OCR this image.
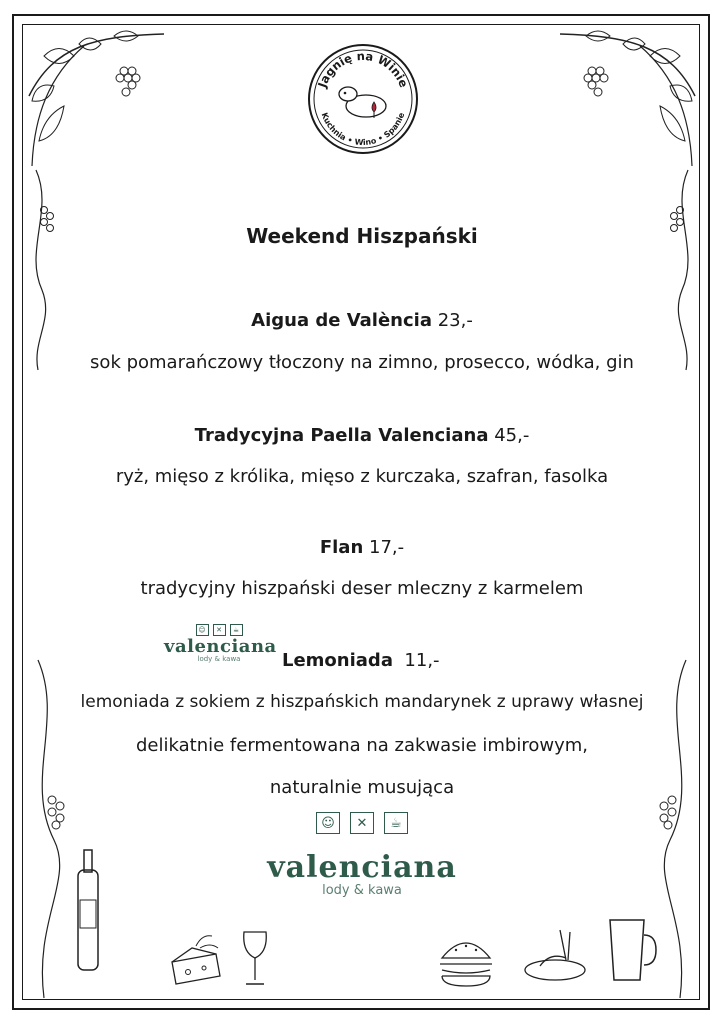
Jagnię na Winie
Kuchnia • Wino • Spanie
Weekend Hiszpański
Aigua de València 23,-
sok pomarańczowy tłoczony na zimno, prosecco, wódka, gin
Tradycyjna Paella Valenciana 45,-
ryż, mięso z królika, mięso z kurczaka, szafran, fasolka
Flan 17,-
tradycyjny hiszpański deser mleczny z karmelem
☺	✕	☕
valenciana
lody & kawa	Lemoniada 11,-
lemoniada z sokiem z hiszpańskich mandarynek z uprawy własnej
delikatnie fermentowana na zakwasie imbirowym,
naturalnie musująca
☺	✕	☕
valenciana
lody & kawa
